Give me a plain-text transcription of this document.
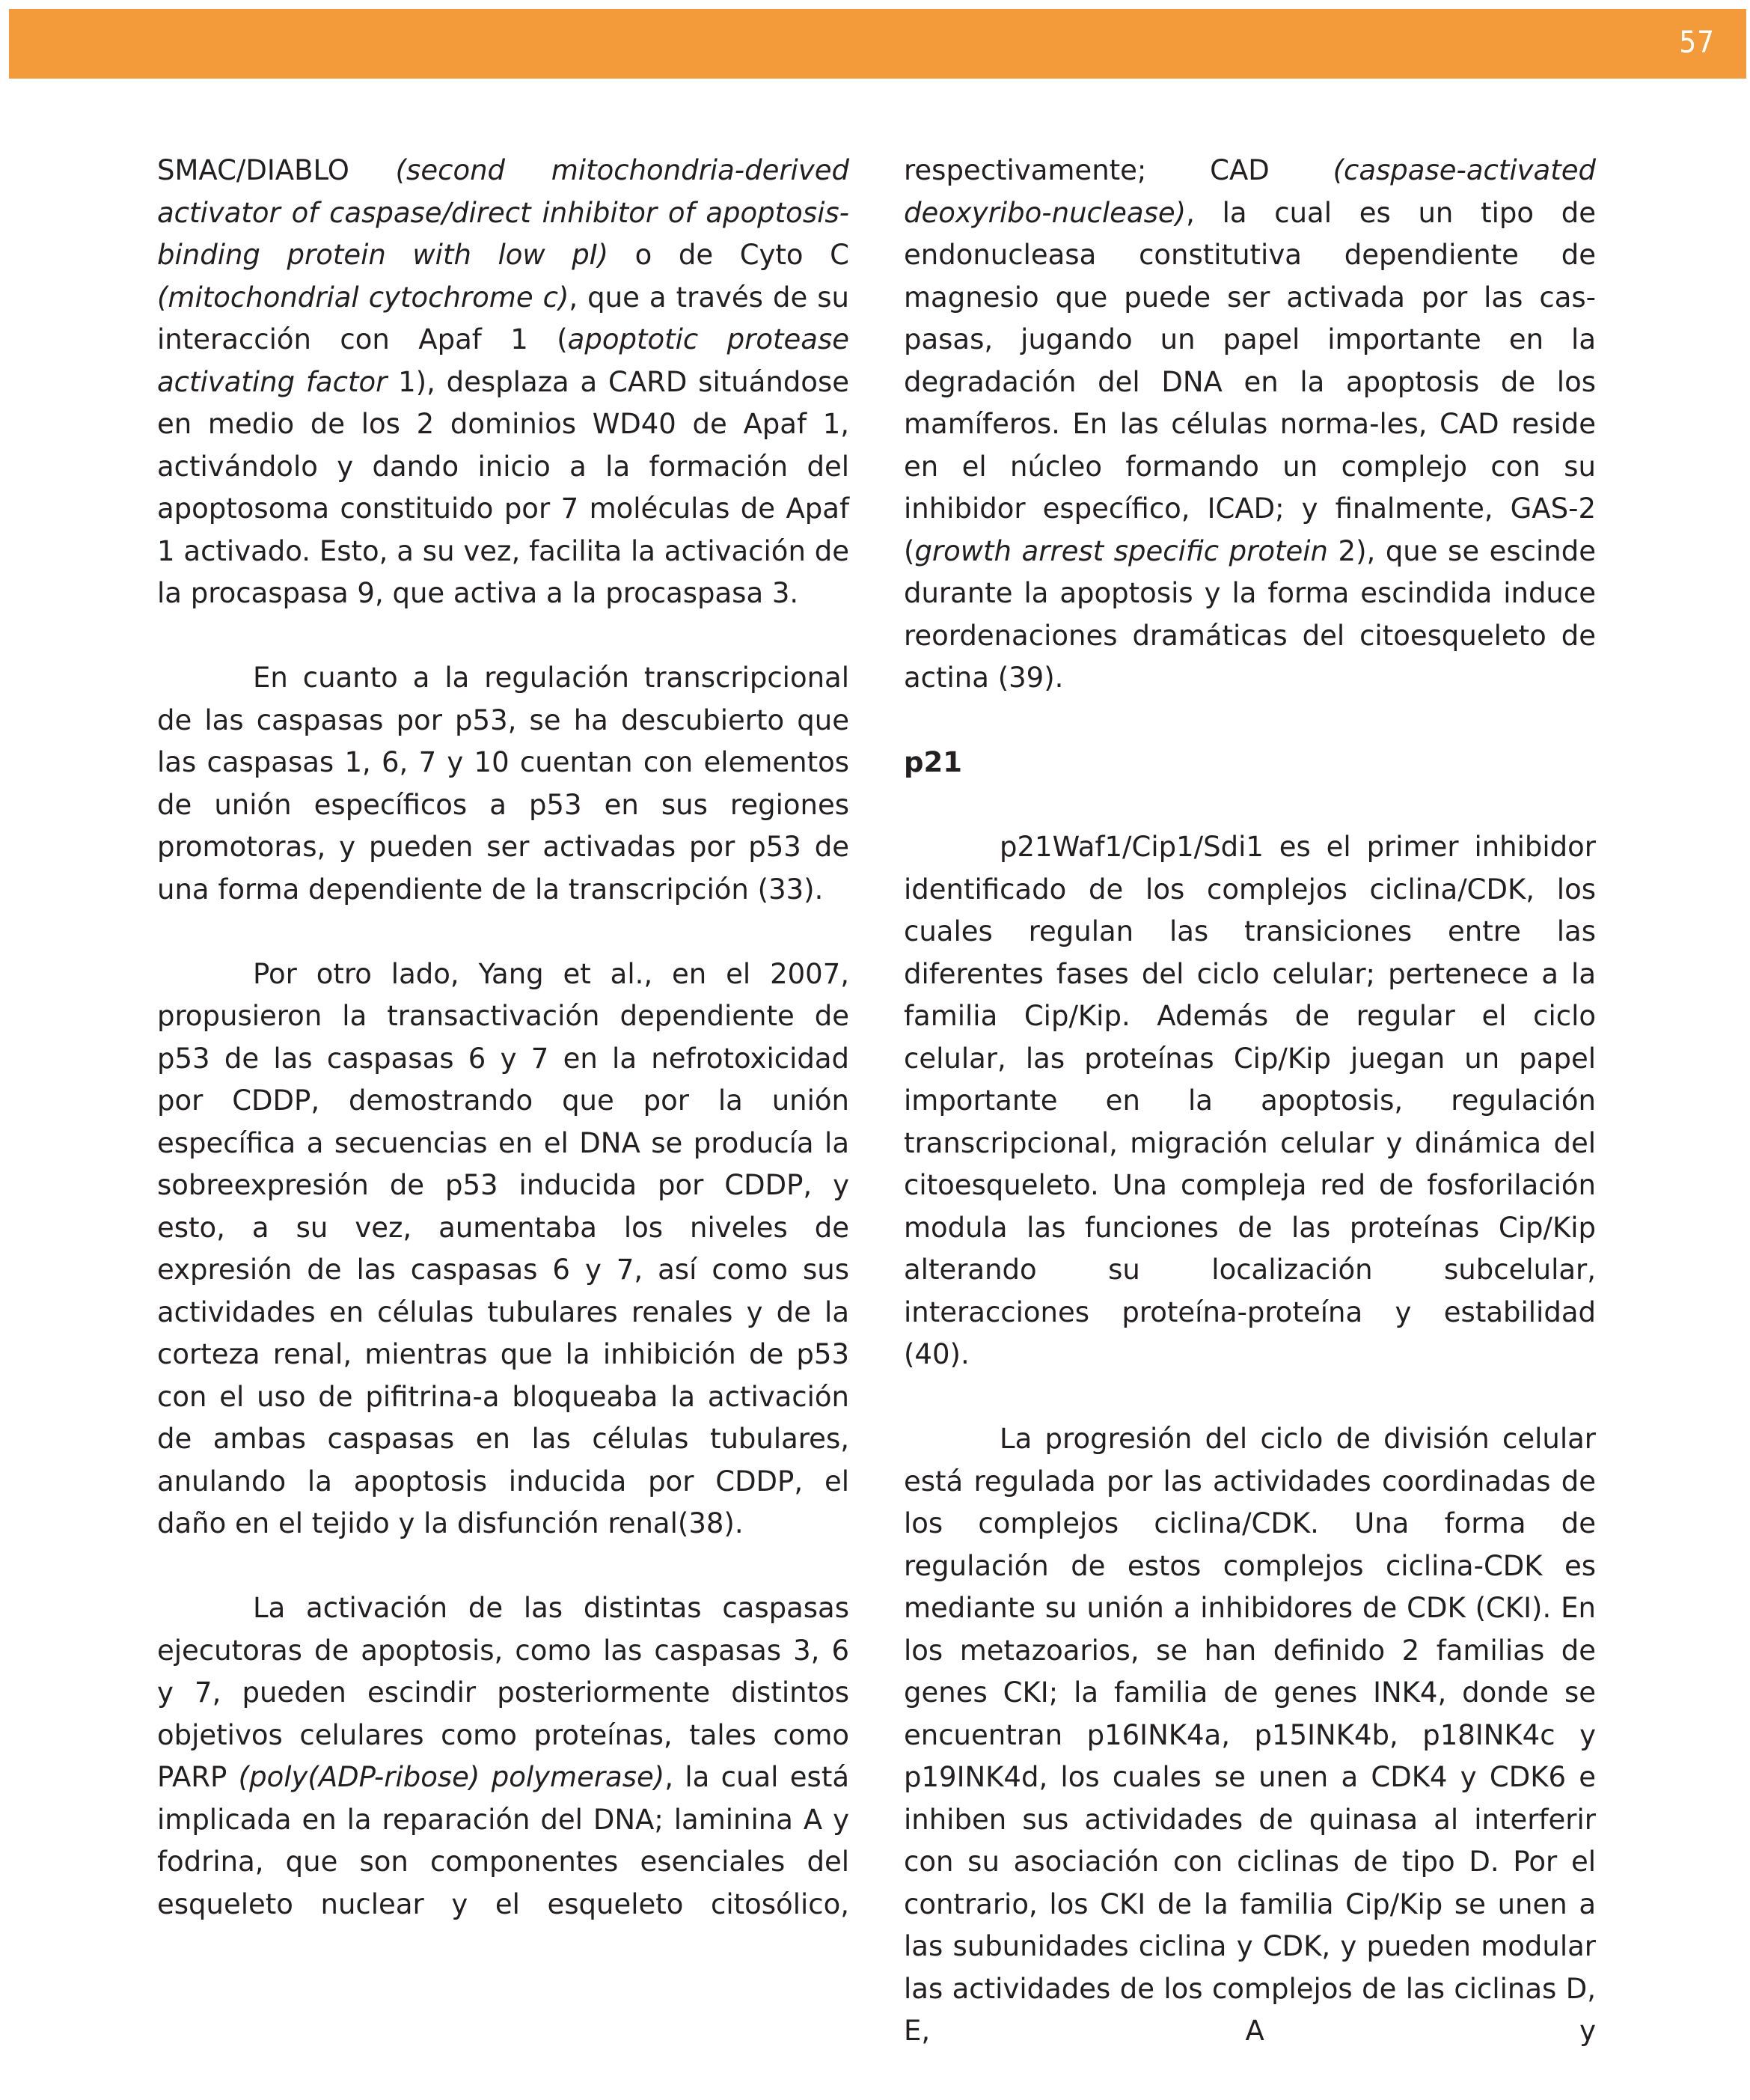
57

SMAC/DIABLO (second mitochondria-derived activator of caspase/direct inhibitor of apoptosis-binding protein with low pI) o de Cyto C (mitochondrial cytochrome c), que a través de su interacción con Apaf 1 (apoptotic protease activating factor 1), desplaza a CARD situándose en medio de los 2 dominios WD40 de Apaf 1, activándolo y dando inicio a la formación del apoptosoma constituido por 7 moléculas de Apaf 1 activado. Esto, a su vez, facilita la activación de la procaspasa 9, que activa a la procaspasa 3.

En cuanto a la regulación transcripcional de las caspasas por p53, se ha descubierto que las caspasas 1, 6, 7 y 10 cuentan con elementos de unión específicos a p53 en sus regiones promotoras, y pueden ser activadas por p53 de una forma dependiente de la transcripción (33).

Por otro lado, Yang et al., en el 2007, propusieron la transactivación dependiente de p53 de las caspasas 6 y 7 en la nefrotoxicidad por CDDP, demostrando que por la unión específica a secuencias en el DNA se producía la sobreexpresión de p53 inducida por CDDP, y esto, a su vez, aumentaba los niveles de expresión de las caspasas 6 y 7, así como sus actividades en células tubulares renales y de la corteza renal, mientras que la inhibición de p53 con el uso de pifitrina-a bloqueaba la activación de ambas caspasas en las células tubulares, anulando la apoptosis inducida por CDDP, el daño en el tejido y la disfunción renal(38).

La activación de las distintas caspasas ejecutoras de apoptosis, como las caspasas 3, 6 y 7, pueden escindir posteriormente distintos objetivos celulares como proteínas, tales como PARP (poly(ADP-ribose) polymerase), la cual está implicada en la reparación del DNA; laminina A y fodrina, que son componentes esenciales del esqueleto nuclear y el esqueleto citosólico,

respectivamente; CAD (caspase-activated deoxyribo-nuclease), la cual es un tipo de endonucleasa constitutiva dependiente de magnesio que puede ser activada por las cas-pasas, jugando un papel importante en la degradación del DNA en la apoptosis de los mamíferos. En las células norma-les, CAD reside en el núcleo formando un complejo con su inhibidor específico, ICAD; y finalmente, GAS-2 (growth arrest specific protein 2), que se escinde durante la apoptosis y la forma escindida induce reordenaciones dramáticas del citoesqueleto de actina (39).

p21

p21Waf1/Cip1/Sdi1 es el primer inhibidor identificado de los complejos ciclina/CDK, los cuales regulan las transiciones entre las diferentes fases del ciclo celular; pertenece a la familia Cip/Kip. Además de regular el ciclo celular, las proteínas Cip/Kip juegan un papel importante en la apoptosis, regulación transcripcional, migración celular y dinámica del citoesqueleto. Una compleja red de fosforilación modula las funciones de las proteínas Cip/Kip alterando su localización subcelular, interacciones proteína-proteína y estabilidad (40).

La progresión del ciclo de división celular está regulada por las actividades coordinadas de los complejos ciclina/CDK. Una forma de regulación de estos complejos ciclina-CDK es mediante su unión a inhibidores de CDK (CKI). En los metazoarios, se han definido 2 familias de genes CKI; la familia de genes INK4, donde se encuentran p16INK4a, p15INK4b, p18INK4c y p19INK4d, los cuales se unen a CDK4 y CDK6 e inhiben sus actividades de quinasa al interferir con su asociación con ciclinas de tipo D. Por el contrario, los CKI de la familia Cip/Kip se unen a las subunidades ciclina y CDK, y pueden modular las actividades de los complejos de las ciclinas D, E, A y
